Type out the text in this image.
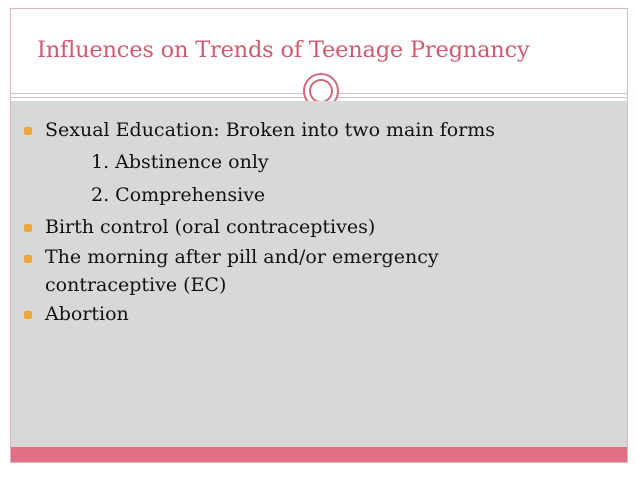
Influences on Trends of Teenage Pregnancy
Sexual Education: Broken into two main forms
1. Abstinence only
2. Comprehensive
Birth control (oral contraceptives)
The morning after pill and/or emergency
contraceptive (EC)
Abortion
